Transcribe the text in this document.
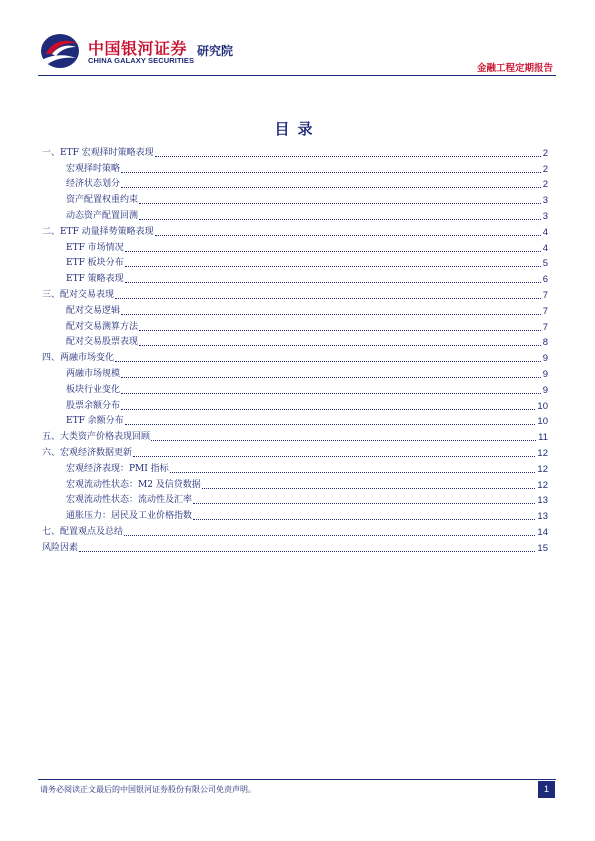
中国银河证券
CHINA GALAXY SECURITIES
研究院
金融工程定期报告
目录
一、ETF 宏观择时策略表现	2
宏观择时策略	2
经济状态划分	2
资产配置权重约束	3
动态资产配置回测	3
二、ETF 动量择势策略表现	4
ETF 市场情况	4
ETF 板块分布	5
ETF 策略表现	6
三、配对交易表现	7
配对交易逻辑	7
配对交易测算方法	7
配对交易股票表现	8
四、两融市场变化	9
两融市场规模	9
板块行业变化	9
股票余额分布	10
ETF 余额分布	10
五、大类资产价格表现回顾	11
六、宏观经济数据更新	12
宏观经济表现：PMI 指标	12
宏观流动性状态：M2 及信贷数据	12
宏观流动性状态：流动性及汇率	13
通胀压力：居民及工业价格指数	13
七、配置观点及总结	14
风险因素	15
请务必阅读正文最后的中国银河证券股份有限公司免责声明。	1
